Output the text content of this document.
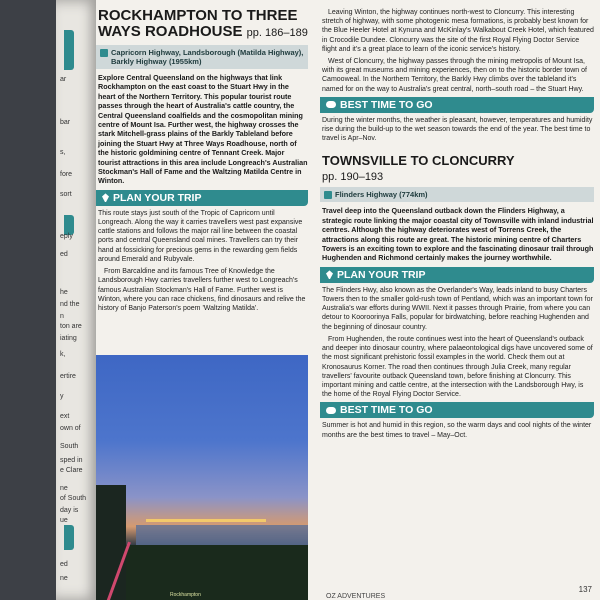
ar
bar
s,
fore
sort
eply
ed
he
nd the
n
ton are
iating
k,
ertire
y
ext
own of
South
sped in
e Clare
ne
of South
day is
ue
ed
ne
ROCKHAMPTON TO THREE WAYS ROADHOUSE pp. 186–189
Capricorn Highway, Landsborough (Matilda Highway), Barkly Highway (1955km)
Explore Central Queensland on the highways that link Rockhampton on the east coast to the Stuart Hwy in the heart of the Northern Territory. This popular tourist route passes through the heart of Australia's cattle country, the Central Queensland coalfields and the cosmopolitan mining centre of Mount Isa. Further west, the highway crosses the stark Mitchell-grass plains of the Barkly Tableland before joining the Stuart Hwy at Three Ways Roadhouse, north of the historic goldmining centre of Tennant Creek. Major tourist attractions in this area include Longreach's Australian Stockman's Hall of Fame and the Waltzing Matilda Centre in Winton.
PLAN YOUR TRIP
This route stays just south of the Tropic of Capricorn until Longreach. Along the way it carries travellers west past expansive cattle stations and follows the major rail line between the coastal ports and central Queensland coal mines. Travellers can try their hand at fossicking for precious gems in the rewarding gem fields around Emerald and Rubyvale.
From Barcaldine and its famous Tree of Knowledge the Landsborough Hwy carries travellers further west to Longreach's famous Australian Stockman's Hall of Fame. Further west is Winton, where you can race chickens, find dinosaurs and relive the history of Banjo Paterson's poem 'Waltzing Matilda'.
Rockhampton
Leaving Winton, the highway continues north-west to Cloncurry. This interesting stretch of highway, with some photogenic mesa formations, is probably best known for the Blue Heeler Hotel at Kynuna and McKinlay's Walkabout Creek Hotel, which featured in Crocodile Dundee. Cloncurry was the site of the first Royal Flying Doctor Service flight and it's a great place to learn of the iconic service's history.
West of Cloncurry, the highway passes through the mining metropolis of Mount Isa, with its great museums and mining experiences, then on to the historic border town of Camooweal. In the Northern Territory, the Barkly Hwy climbs over the tableland it's named for on the way to Australia's great central, north–south road – the Stuart Hwy.
BEST TIME TO GO
During the winter months, the weather is pleasant, however, temperatures and humidity rise during the build-up to the wet season towards the end of the year. The best time to travel is Apr–Nov.
TOWNSVILLE TO CLONCURRY
pp. 190–193
Flinders Highway (774km)
Travel deep into the Queensland outback down the Flinders Highway, a strategic route linking the major coastal city of Townsville with inland industrial centres. Although the highway deteriorates west of Torrens Creek, the attractions along this route are great. The historic mining centre of Charters Towers is an exciting town to explore and the fascinating dinosaur trail through Hughenden and Richmond certainly makes the journey worthwhile.
PLAN YOUR TRIP
The Flinders Hwy, also known as the Overlander's Way, leads inland to busy Charters Towers then to the smaller gold-rush town of Pentland, which was an important town for Australia's war efforts during WWII. Next it passes through Prairie, from where you can detour to Kooroorinya Falls, popular for birdwatching, before reaching Hughenden and the beginning of dinosaur country.
From Hughenden, the route continues west into the heart of Queensland's outback and deeper into dinosaur country, where palaeontological digs have uncovered some of the most significant prehistoric fossil examples in the world. Check them out at Kronosaurus Korner. The road then continues through Julia Creek, many regular travellers' favourite outback Queensland town, before finishing at Cloncurry. This important mining and cattle centre, at the intersection with the Landsborough Hwy, is the home of the Royal Flying Doctor Service.
BEST TIME TO GO
Summer is hot and humid in this region, so the warm days and cool nights of the winter months are the best times to travel – May–Oct.
OZ ADVENTURES
137
